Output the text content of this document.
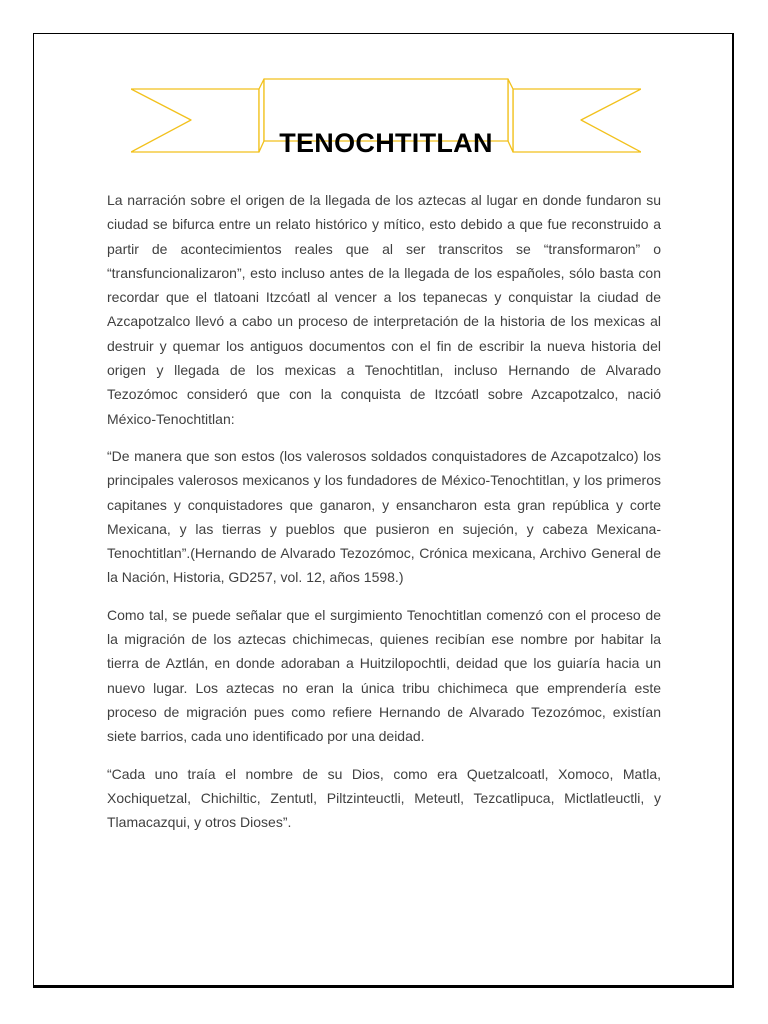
TENOCHTITLAN

La narración sobre el origen de la llegada de los aztecas al lugar en donde fundaron su ciudad se bifurca entre un relato histórico y mítico, esto debido a que fue reconstruido a partir de acontecimientos reales que al ser transcritos se “transformaron” o “transfuncionalizaron”, esto incluso antes de la llegada de los españoles, sólo basta con recordar que el tlatoani Itzcóatl al vencer a los tepanecas y conquistar la ciudad de Azcapotzalco llevó a cabo un proceso de interpretación de la historia de los mexicas al destruir y quemar los antiguos documentos con el fin de escribir la nueva historia del origen y llegada de los mexicas a Tenochtitlan, incluso Hernando de Alvarado Tezozómoc consideró que con la conquista de Itzcóatl sobre Azcapotzalco, nació México-Tenochtitlan:

“De manera que son estos (los valerosos soldados conquistadores de Azcapotzalco) los principales valerosos mexicanos y los fundadores de México-Tenochtitlan, y los primeros capitanes y conquistadores que ganaron, y ensancharon esta gran república y corte Mexicana, y las tierras y pueblos que pusieron en sujeción, y cabeza Mexicana-Tenochtitlan”.(Hernando de Alvarado Tezozómoc, Crónica mexicana, Archivo General de la Nación, Historia, GD257, vol. 12, años 1598.)

Como tal, se puede señalar que el surgimiento Tenochtitlan comenzó con el proceso de la migración de los aztecas chichimecas, quienes recibían ese nombre por habitar la tierra de Aztlán, en donde adoraban a Huitzilopochtli, deidad que los guiaría hacia un nuevo lugar. Los aztecas no eran la única tribu chichimeca que emprendería este proceso de migración pues como refiere Hernando de Alvarado Tezozómoc, existían siete barrios, cada uno identificado por una deidad.

“Cada uno traía el nombre de su Dios, como era Quetzalcoatl, Xomoco, Matla, Xochiquetzal, Chichiltic, Zentutl, Piltzinteuctli, Meteutl, Tezcatlipuca, Mictlatleuctli, y Tlamacazqui, y otros Dioses”.
